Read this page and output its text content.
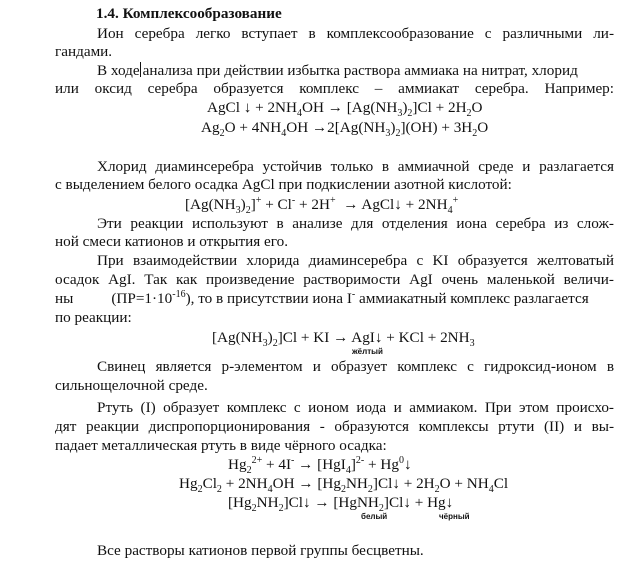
1.4. Комплексообразование
Ион серебра легко вступает в комплексообразование с различными ли-
гандами.
В ходе анализа при действии избытка раствора аммиака на нитрат, хлорид
или оксид серебра образуется комплекс – аммиакат серебра. Например:
AgCl ↓ + $2NH_4OH \to [Ag(NH_3)_2]Cl + 2H_2O$
$Ag_2O + 4NH_4OH \to 2[Ag(NH_3)_2](OH) + 3H_2O$
Хлорид диаминсеребра устойчив только в аммиачной среде и разлагается
с выделением белого осадка AgCl при подкислении азотной кислотой:
$[Ag(NH_3)_2]^+ + Cl^- + 2H^+$  → AgCl↓ + $2NH_4^+$
Эти реакции используют в анализе для отделения иона серебра из слож-
ной смеси катионов и открытия его.
При взаимодействии хлорида диаминсеребра с KI образуется желтоватый
осадок AgI. Так как произведение растворимости AgI очень маленькой величи-
ны	$(ПР=1\cdot 10^{-16})$, то в присутствии иона I- аммиакатный комплекс разлагается
по реакции:
$[Ag(NH_3)_2]Cl$ + KI → AgI↓ + KCl + $2NH_3$
жёлтый
Свинец является p-элементом и образует комплекс с гидроксид-ионом в
сильнощелочной среде.
Ртуть (I) образует комплекс с ионом иода и аммиаком. При этом происхо-
дят реакции диспропорционирования - образуются комплексы ртути (II) и вы-
падает металлическая ртуть в виде чёрного осадка:
$Hg_2^{2+} + 4I^- \to [HgI_4]^{2-}$ + $Hg^0↓$
$Hg_2Cl_2 + 2NH_4OH$ → $[Hg_2NH_2]Cl↓ + 2H_2O + NH_4Cl$
$[Hg_2NH_2]Cl↓$ → [HgNH$_2$]Cl↓ + Hg↓
белый	чёрный
Все растворы катионов первой группы бесцветны.
